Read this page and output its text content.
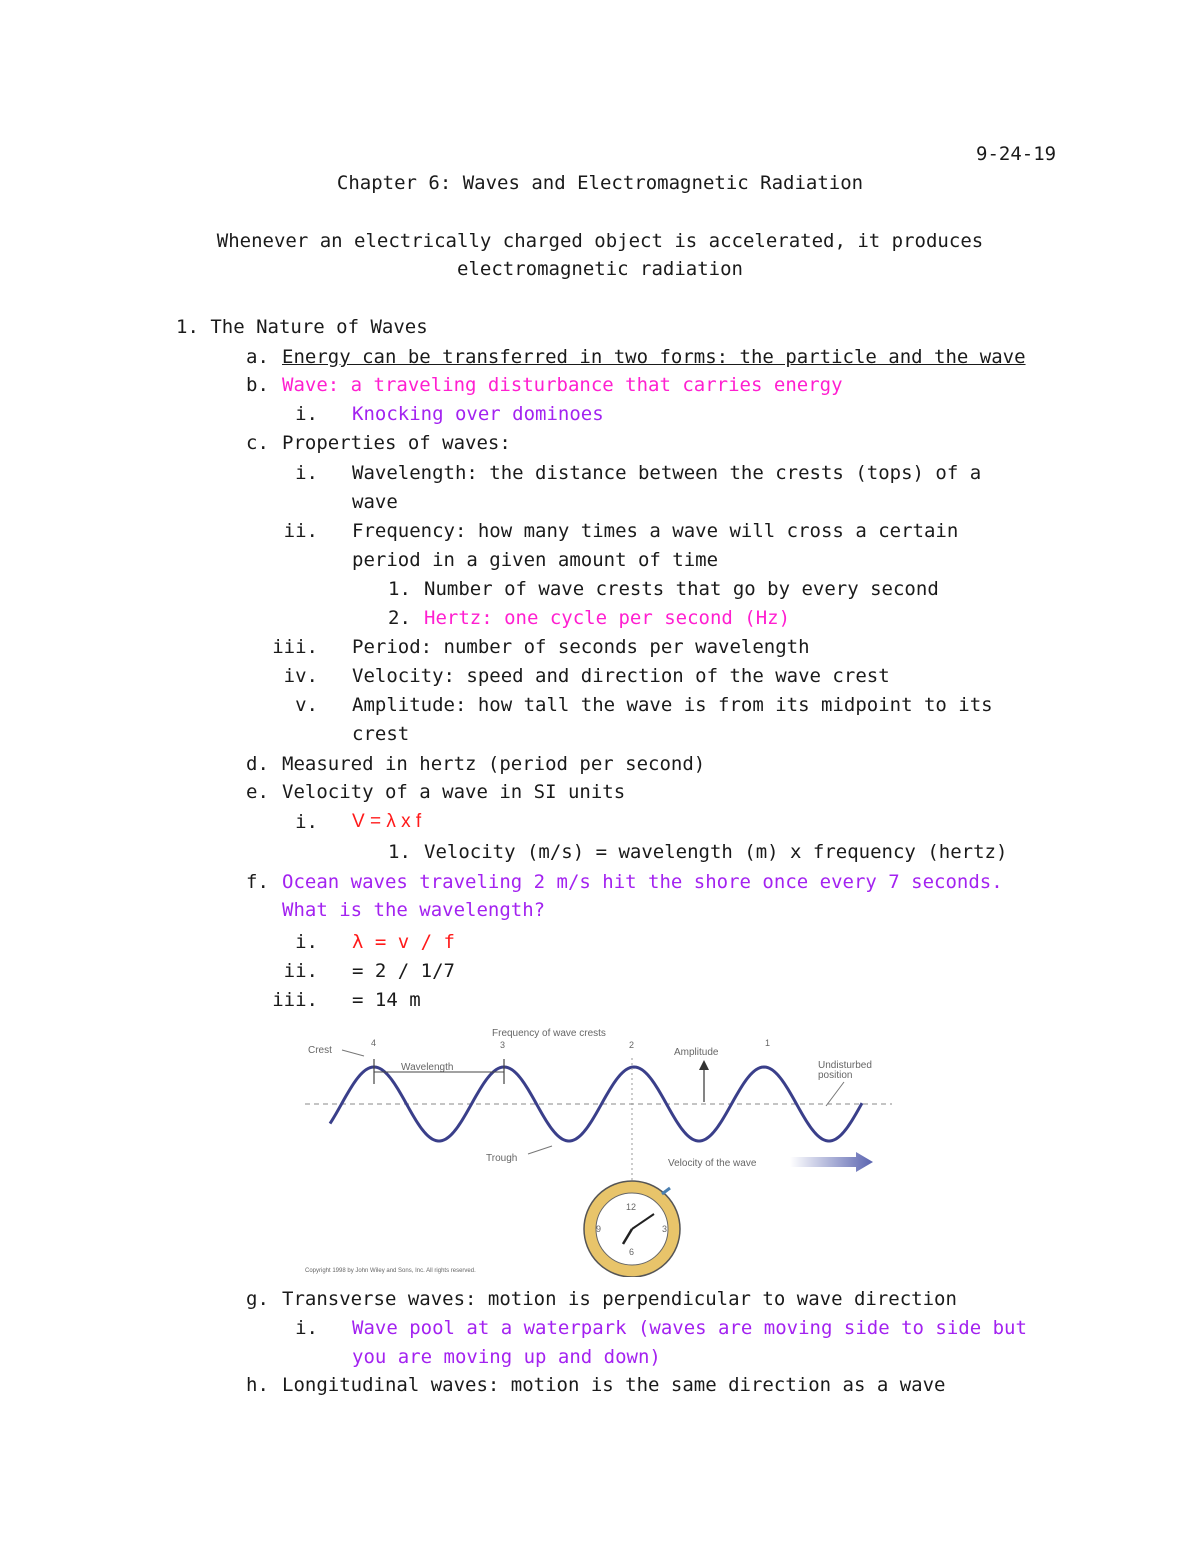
9-24-19
Chapter 6: Waves and Electromagnetic Radiation
Whenever an electrically charged object is accelerated, it produces
electromagnetic radiation
1. The Nature of Waves
a. Energy can be transferred in two forms: the particle and the wave
b. Wave: a traveling disturbance that carries energy
i. Knocking over dominoes
c. Properties of waves:
i. Wavelength: the distance between the crests (tops) of a
wave
ii. Frequency: how many times a wave will cross a certain
period in a given amount of time
1. Number of wave crests that go by every second
2. Hertz: one cycle per second (Hz)
iii. Period: number of seconds per wavelength
iv. Velocity: speed and direction of the wave crest
v. Amplitude: how tall the wave is from its midpoint to its
crest
d. Measured in hertz (period per second)
e. Velocity of a wave in SI units
i. V = λ x f
1. Velocity (m/s) = wavelength (m) x frequency (hertz)
f. Ocean waves traveling 2 m/s hit the shore once every 7 seconds.
What is the wavelength?
i. λ = v / f
ii. = 2 / 1/7
iii. = 14 m
Frequency of wave crests
4	3	2	1
Crest
Wavelength
Amplitude
Undisturbed
position
Trough	Velocity of the wave
12
3
6
9
Copyright 1998 by John Wiley and Sons, Inc. All rights reserved.
g. Transverse waves: motion is perpendicular to wave direction
i. Wave pool at a waterpark (waves are moving side to side but
you are moving up and down)
h. Longitudinal waves: motion is the same direction as a wave
